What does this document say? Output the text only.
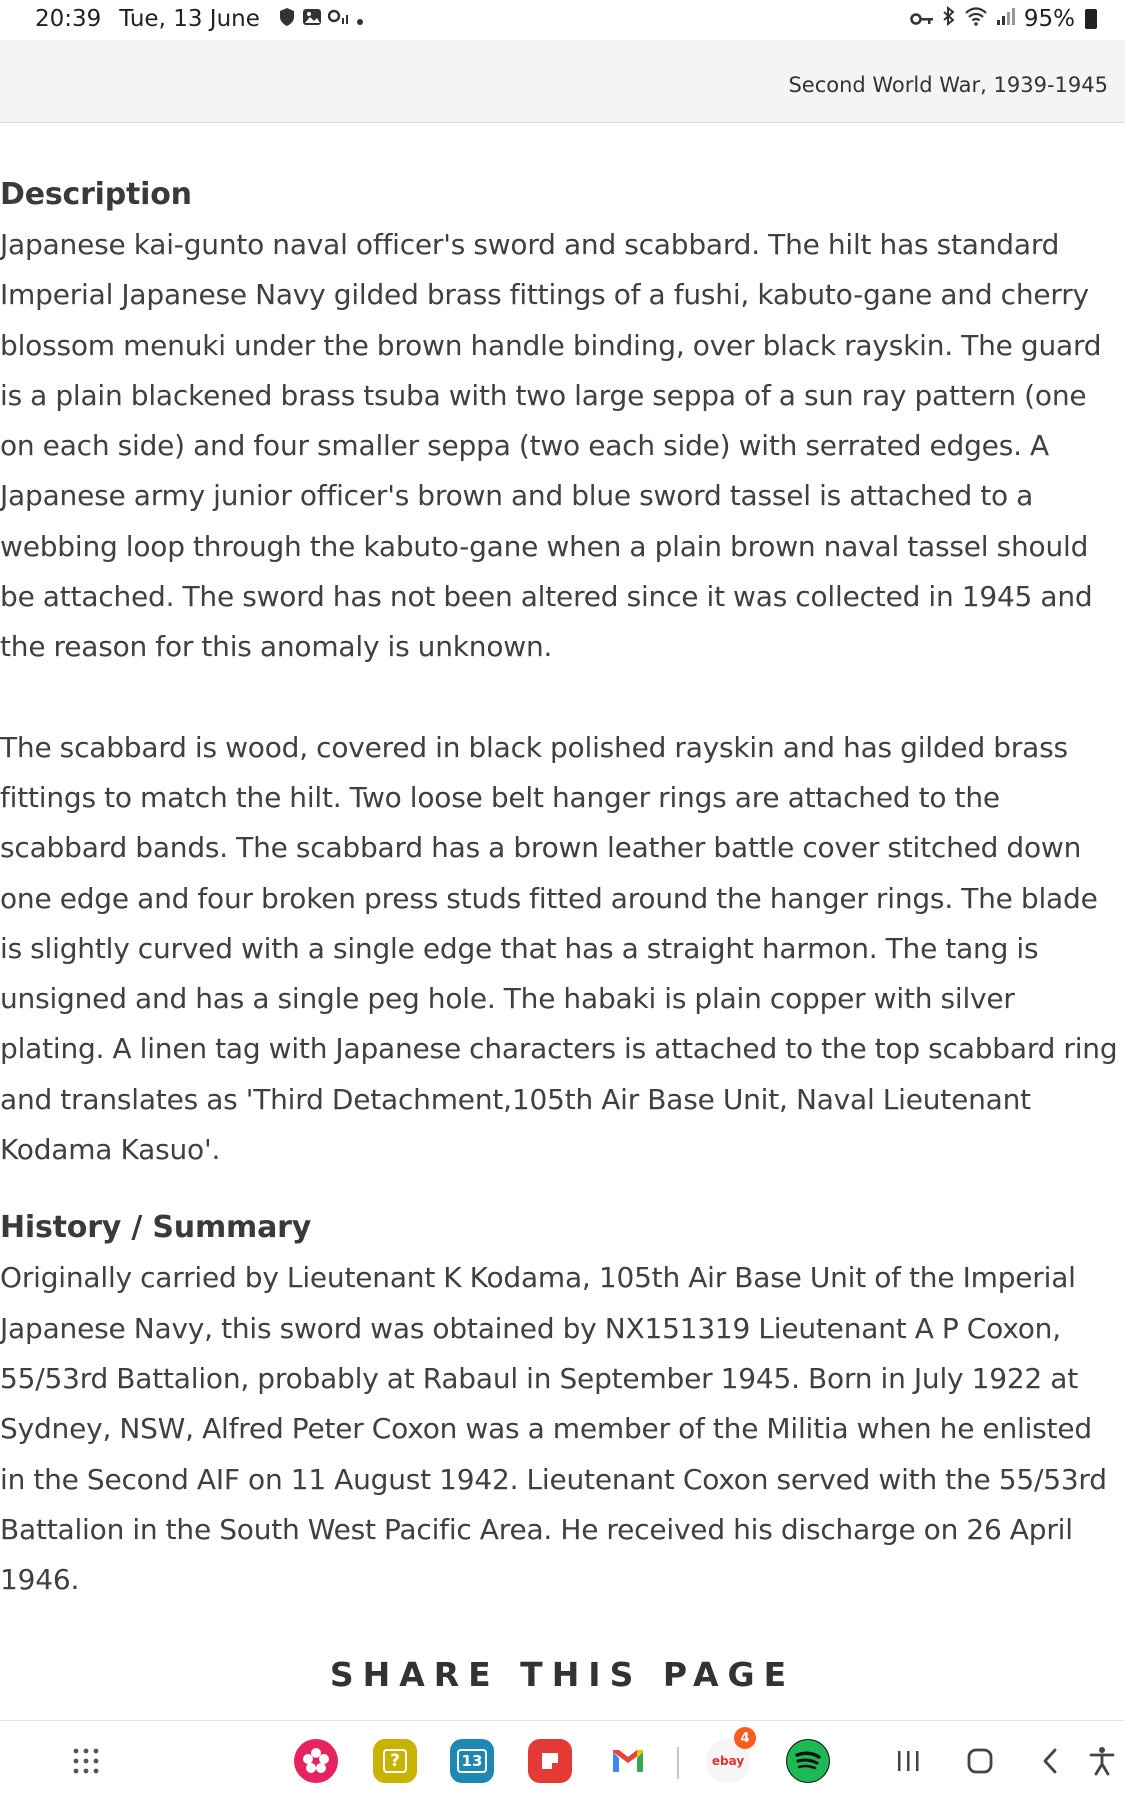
20:39 Tue, 13 June	95%
Second World War, 1939-1945
Description

Japanese kai-gunto naval officer's sword and scabbard. The hilt has standard Imperial Japanese Navy gilded brass fittings of a fushi, kabuto-gane and cherry blossom menuki under the brown handle binding, over black rayskin. The guard is a plain blackened brass tsuba with two large seppa of a sun ray pattern (one on each side) and four smaller seppa (two each side) with serrated edges. A Japanese army junior officer's brown and blue sword tassel is attached to a webbing loop through the kabuto-gane when a plain brown naval tassel should be attached. The sword has not been altered since it was collected in 1945 and the reason for this anomaly is unknown.

The scabbard is wood, covered in black polished rayskin and has gilded brass fittings to match the hilt. Two loose belt hanger rings are attached to the scabbard bands. The scabbard has a brown leather battle cover stitched down one edge and four broken press studs fitted around the hanger rings. The blade is slightly curved with a single edge that has a straight harmon. The tang is unsigned and has a single peg hole. The habaki is plain copper with silver plating. A linen tag with Japanese characters is attached to the top scabbard ring and translates as 'Third Detachment,105th Air Base Unit, Naval Lieutenant Kodama Kasuo'.

History / Summary

Originally carried by Lieutenant K Kodama, 105th Air Base Unit of the Imperial Japanese Navy, this sword was obtained by NX151319 Lieutenant A P Coxon, 55/53rd Battalion, probably at Rabaul in September 1945. Born in July 1922 at Sydney, NSW, Alfred Peter Coxon was a member of the Militia when he enlisted in the Second AIF on 11 August 1942. Lieutenant Coxon served with the 55/53rd Battalion in the South West Pacific Area. He received his discharge on 26 April 1946.

SHARE THIS PAGE
?	13	ebay
4
